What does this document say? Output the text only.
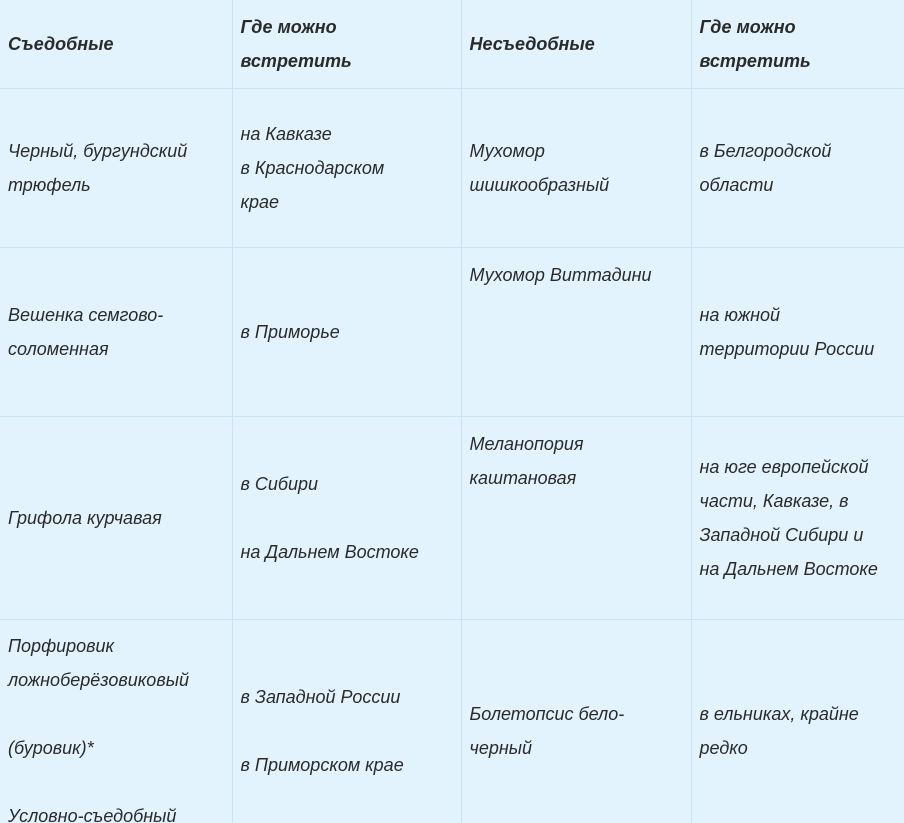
Съедобные	Где можно встретить	Несъедобные	Где можно
встретить

Черный, бургундский
трюфель	на Кавказе
в Краснодарском
крае	Мухомор
шишкообразный	в Белгородской
области

Вешенка семгово-
соломенная	в Приморье	Мухомор Виттадини	на южной
территории России

Грифола курчавая	в Сибири
на Дальнем Востоке	Меланопория
каштановая	на юге европейской
части, Кавказе, в
Западной Сибири и
на Дальнем Востоке

Порфировик
ложноберёзовиковый
(буровик)*
Условно-съедобный	в Западной России
в Приморском крае	Болетопсис бело-
черный	в ельниках, крайне
редко
